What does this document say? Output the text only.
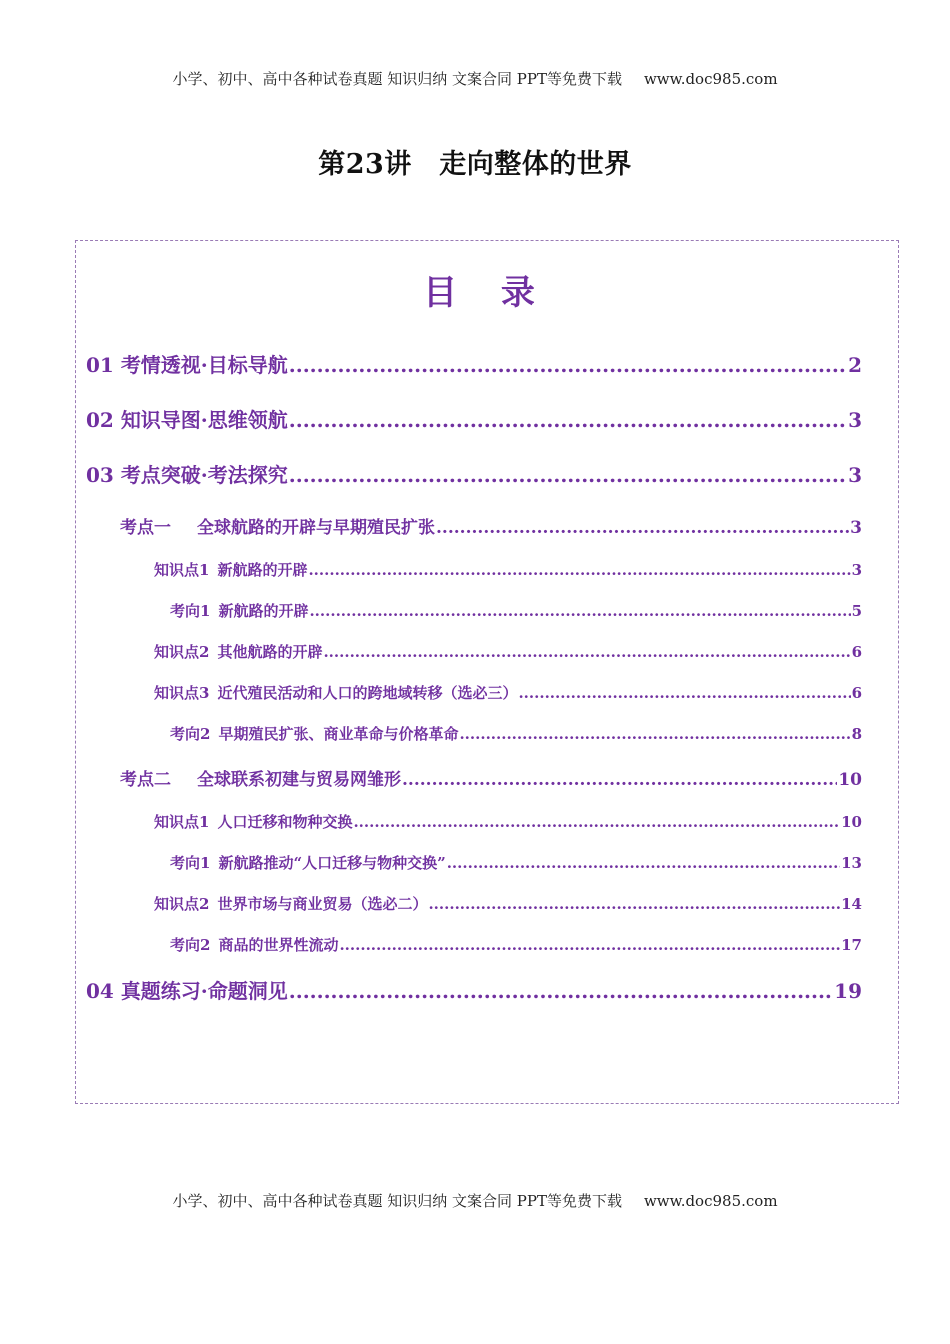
小学、初中、高中各种试卷真题 知识归纳 文案合同 PPT等免费下载 www.doc985.com
第23讲　走向整体的世界
目 录
01 考情透视·目标导航 .....	2
02 知识导图·思维领航 .....	3
03 考点突破·考法探究 .....	3
考点一 全球航路的开辟与早期殖民扩张 .....	3
知识点1 新航路的开辟 .....	3
考向1 新航路的开辟 .....	5
知识点2 其他航路的开辟 .....	6
知识点3 近代殖民活动和人口的跨地域转移（选必三） .....	6
考向2 早期殖民扩张、商业革命与价格革命 .....	8
考点二 全球联系初建与贸易网雏形 .....	10
知识点1 人口迁移和物种交换 .....	10
考向1 新航路推动“人口迁移与物种交换” .....	13
知识点2 世界市场与商业贸易（选必二） .....	14
考向2 商品的世界性流动 .....	17
04 真题练习·命题洞见 .....	19
小学、初中、高中各种试卷真题 知识归纳 文案合同 PPT等免费下载 www.doc985.com
